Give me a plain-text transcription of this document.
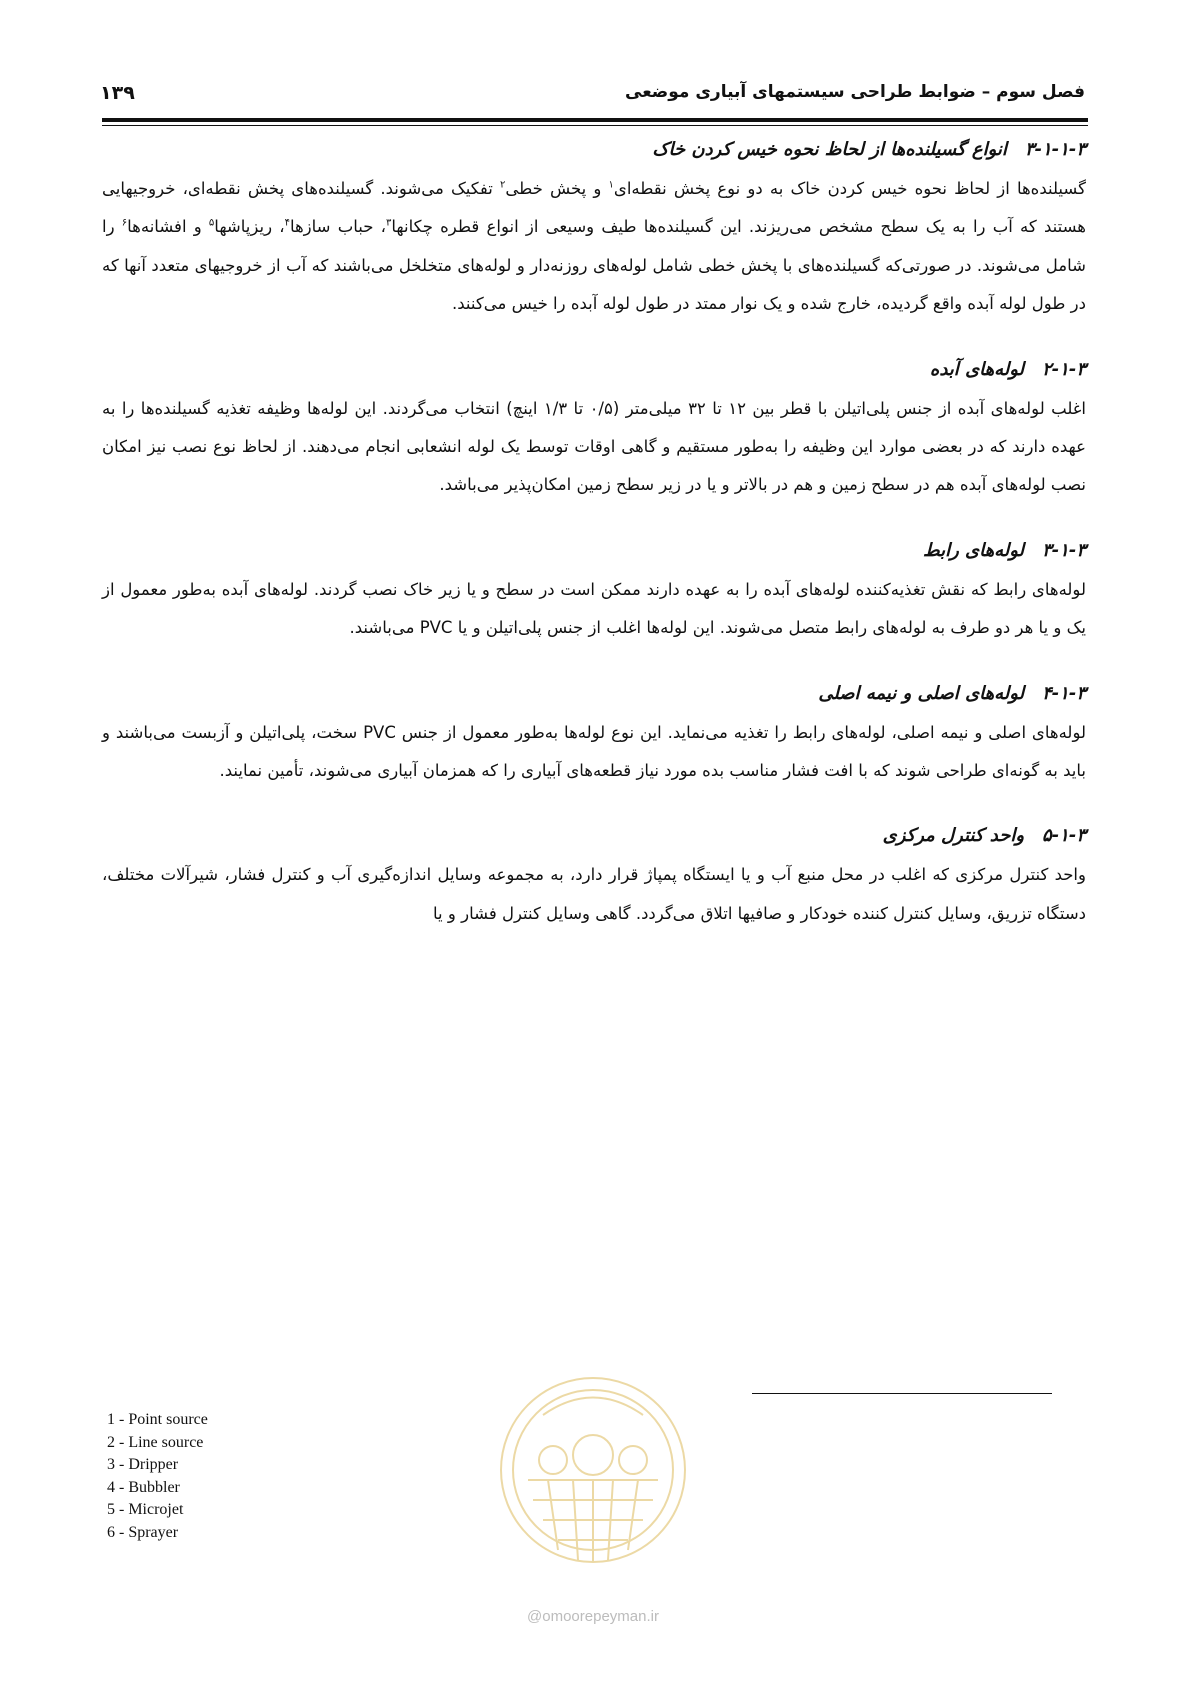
فصل سوم – ضوابط طراحی سیستمهای آبیاری موضعی
۱۳۹
۳-۱-۱-۳
انواع گسیلنده‌ها از لحاظ نحوه خیس کردن خاک

گسیلنده‌ها از لحاظ نحوه خیس کردن خاک به دو نوع پخش نقطه‌ای$^۱$ و پخش خطی$^۲$ تفکیک می‌شوند. گسیلنده‌های پخش نقطه‌ای، خروجیهایی هستند که آب را به یک سطح مشخص می‌ریزند. این گسیلنده‌ها طیف وسیعی از انواع قطره چکانها$^۳$، حباب سازها$^۴$، ریزپاشها$^۵$ و افشانه‌ها$^۶$ را شامل می‌شوند. در صورتی‌که گسیلنده‌های با پخش خطی شامل لوله‌های روزنه‌دار و لوله‌های متخلخل می‌باشند که آب از خروجیهای متعدد آنها که در طول لوله آبده واقع گردیده، خارج شده و یک نوار ممتد در طول لوله آبده را خیس می‌کنند.

۲-۱-۳
لوله‌های آبده

اغلب لوله‌های آبده از جنس پلی‌اتیلن با قطر بین ۱۲ تا ۳۲ میلی‌متر (۰/۵ تا ۱/۳ اینچ) انتخاب می‌گردند. این لوله‌ها وظیفه تغذیه گسیلنده‌ها را به عهده دارند که در بعضی موارد این وظیفه را به‌طور مستقیم و گاهی اوقات توسط یک لوله انشعابی انجام می‌دهند. از لحاظ نوع نصب نیز امکان نصب لوله‌های آبده هم در سطح زمین و هم در بالاتر و یا در زیر سطح زمین امکان‌پذیر می‌باشد.

۳-۱-۳
لوله‌های رابط

لوله‌های رابط که نقش تغذیه‌کننده لوله‌های آبده را به عهده دارند ممکن است در سطح و یا زیر خاک نصب گردند. لوله‌های آبده به‌طور معمول از یک و یا هر دو طرف به لوله‌های رابط متصل می‌شوند. این لوله‌ها اغلب از جنس پلی‌اتیلن و یا PVC می‌باشند.

۴-۱-۳
لوله‌های اصلی و نیمه اصلی

لوله‌های اصلی و نیمه اصلی، لوله‌های رابط را تغذیه می‌نماید. این نوع لوله‌ها به‌طور معمول از جنس PVC سخت، پلی‌اتیلن و آزبست می‌باشند و باید به گونه‌ای طراحی شوند که با افت فشار مناسب بده مورد نیاز قطعه‌های آبیاری را که همزمان آبیاری می‌شوند، تأمین نمایند.

۵-۱-۳
واحد کنترل مرکزی

واحد کنترل مرکزی که اغلب در محل منبع آب و یا ایستگاه پمپاژ قرار دارد، به مجموعه وسایل اندازه‌گیری آب و کنترل فشار، شیرآلات مختلف، دستگاه تزریق، وسایل کنترل کننده خودکار و صافیها اتلاق می‌گردد. گاهی وسایل کنترل فشار و یا

1 - Point source
2 - Line source
3 - Dripper
4 - Bubbler
5 - Microjet
6 - Sprayer
@omoorepeyman.ir
